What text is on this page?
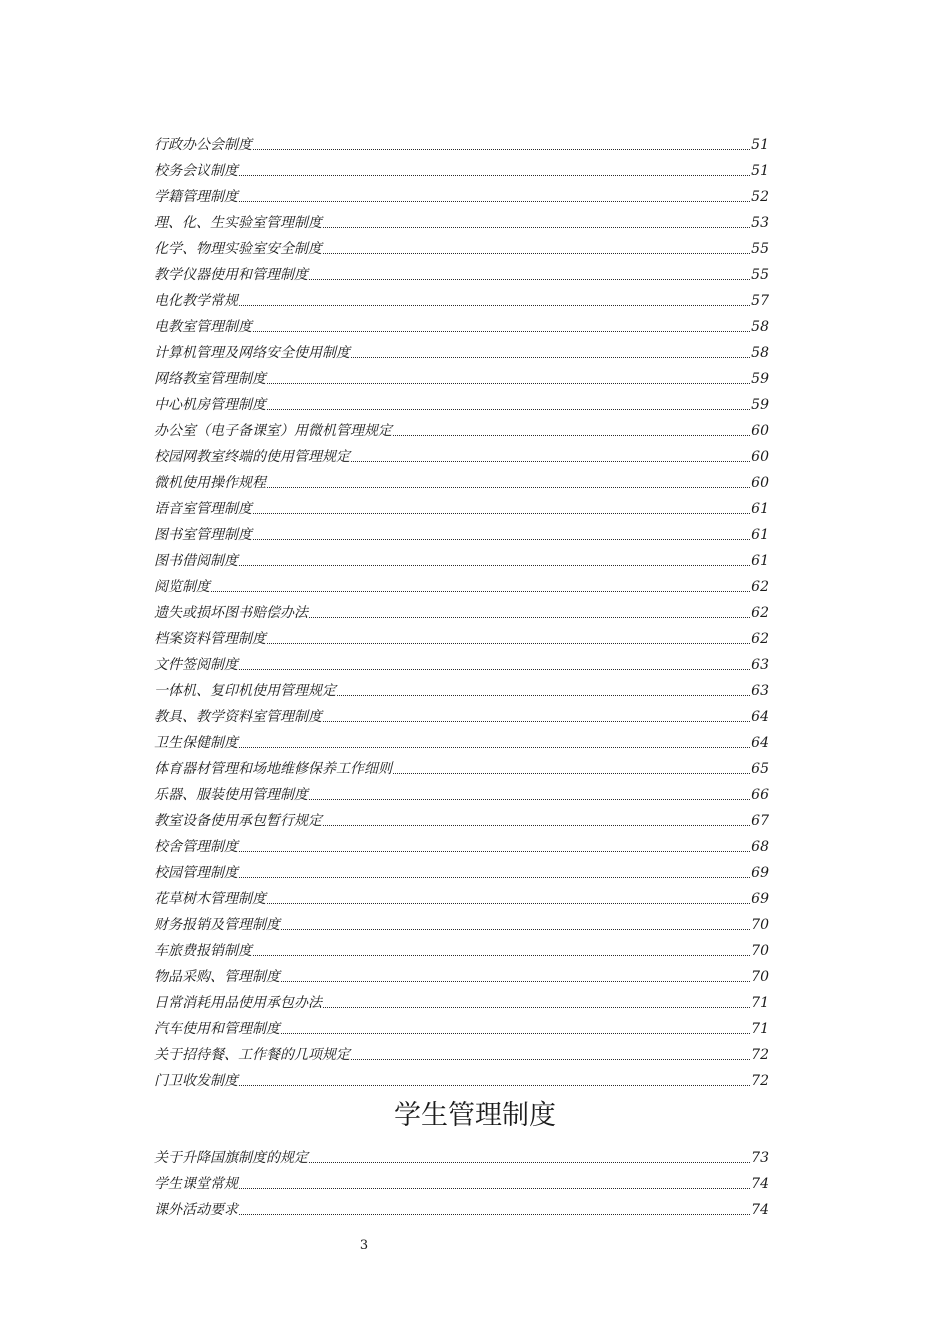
行政办公会制度	51
校务会议制度	51
学籍管理制度	52
理、化、生实验室管理制度	53
化学、物理实验室安全制度	55
教学仪器使用和管理制度	55
电化教学常规	57
电教室管理制度	58
计算机管理及网络安全使用制度	58
网络教室管理制度	59
中心机房管理制度	59
办公室（电子备课室）用微机管理规定	60
校园网教室终端的使用管理规定	60
微机使用操作规程	60
语音室管理制度	61
图书室管理制度	61
图书借阅制度	61
阅览制度	62
遗失或损坏图书赔偿办法	62
档案资料管理制度	62
文件签阅制度	63
一体机、复印机使用管理规定	63
教具、教学资料室管理制度	64
卫生保健制度	64
体育器材管理和场地维修保养工作细则	65
乐器、服装使用管理制度	66
教室设备使用承包暂行规定	67
校舍管理制度	68
校园管理制度	69
花草树木管理制度	69
财务报销及管理制度	70
车旅费报销制度	70
物品采购、管理制度	70
日常消耗用品使用承包办法	71
汽车使用和管理制度	71
关于招待餐、工作餐的几项规定	72
门卫收发制度	72
学生管理制度
关于升降国旗制度的规定	73
学生课堂常规	74
课外活动要求	74
3
